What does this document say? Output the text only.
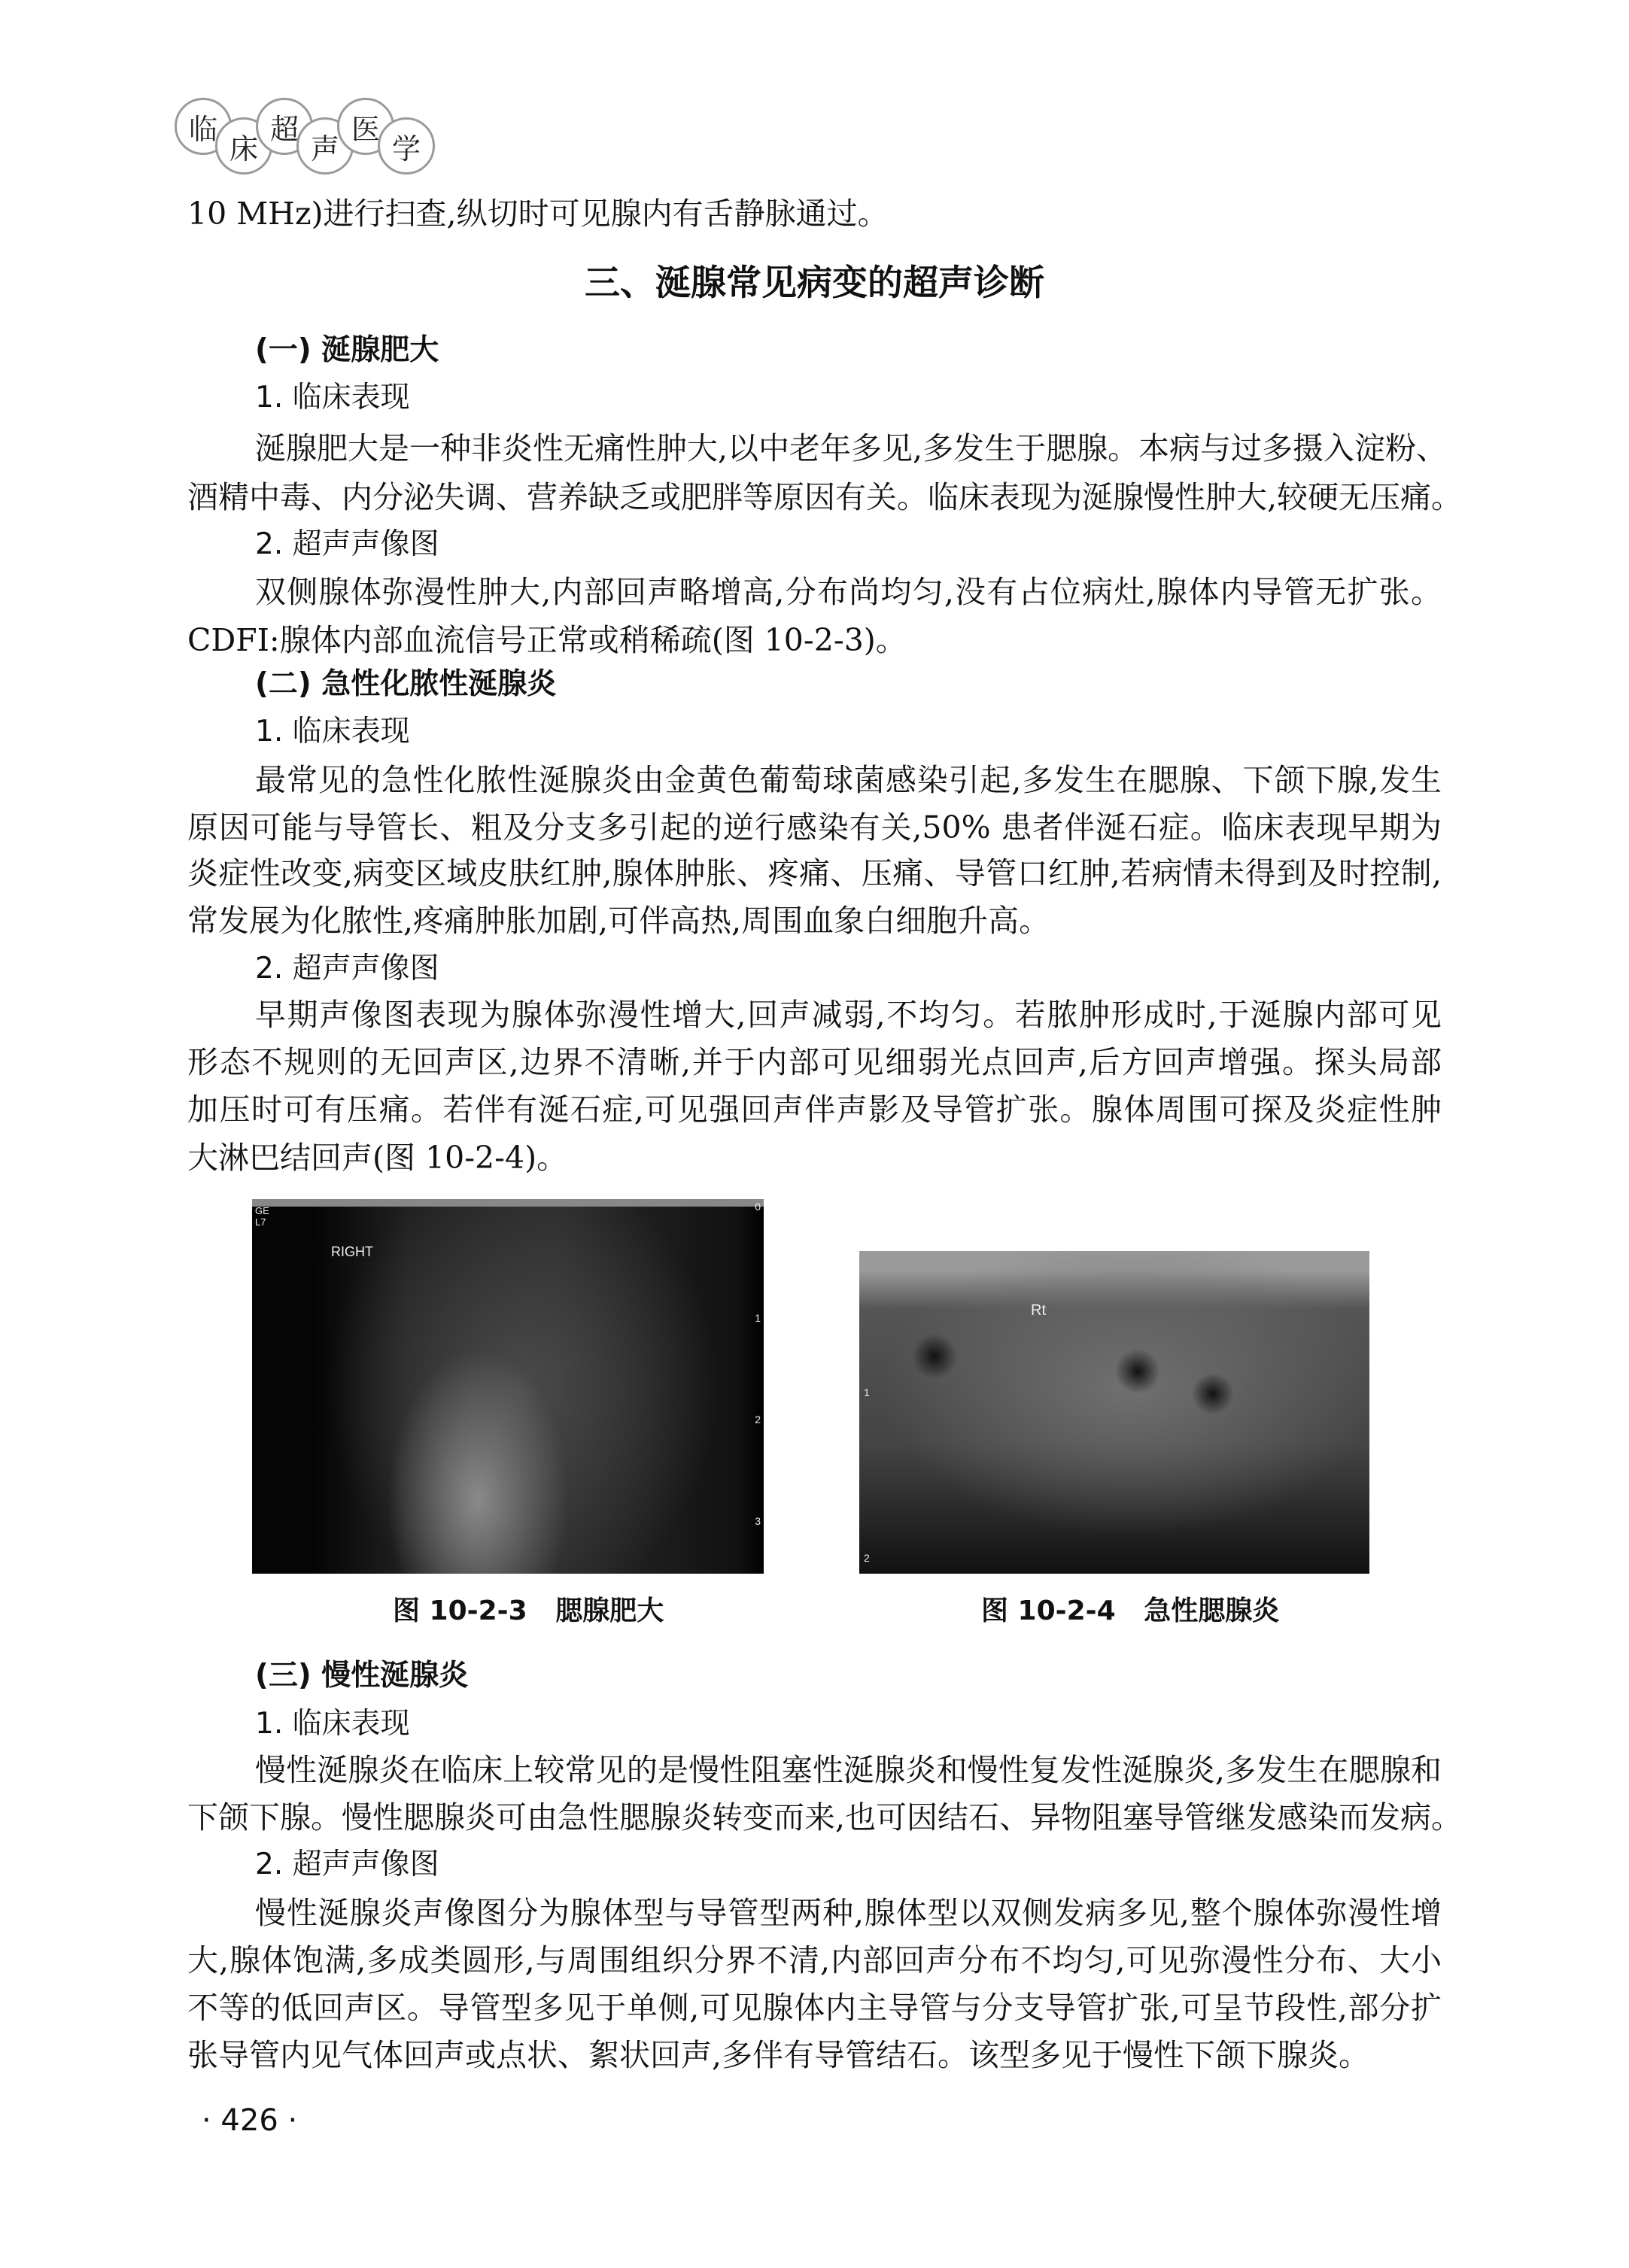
临
床
超
声
医
学
10 MHz)进行扫查,纵切时可见腺内有舌静脉通过。
三、涎腺常见病变的超声诊断
(一) 涎腺肥大
1. 临床表现
涎腺肥大是一种非炎性无痛性肿大,以中老年多见,多发生于腮腺。本病与过多摄入淀粉、
酒精中毒、内分泌失调、营养缺乏或肥胖等原因有关。临床表现为涎腺慢性肿大,较硬无压痛。
2. 超声声像图
双侧腺体弥漫性肿大,内部回声略增高,分布尚均匀,没有占位病灶,腺体内导管无扩张。
CDFI:腺体内部血流信号正常或稍稀疏(图 10-2-3)。
(二) 急性化脓性涎腺炎
1. 临床表现
最常见的急性化脓性涎腺炎由金黄色葡萄球菌感染引起,多发生在腮腺、下颌下腺,发生
原因可能与导管长、粗及分支多引起的逆行感染有关,50% 患者伴涎石症。临床表现早期为
炎症性改变,病变区域皮肤红肿,腺体肿胀、疼痛、压痛、导管口红肿,若病情未得到及时控制,
常发展为化脓性,疼痛肿胀加剧,可伴高热,周围血象白细胞升高。
2. 超声声像图
早期声像图表现为腺体弥漫性增大,回声减弱,不均匀。若脓肿形成时,于涎腺内部可见
形态不规则的无回声区,边界不清晰,并于内部可见细弱光点回声,后方回声增强。探头局部
加压时可有压痛。若伴有涎石症,可见强回声伴声影及导管扩张。腺体周围可探及炎症性肿
大淋巴结回声(图 10-2-4)。
(三) 慢性涎腺炎
1. 临床表现
慢性涎腺炎在临床上较常见的是慢性阻塞性涎腺炎和慢性复发性涎腺炎,多发生在腮腺和
下颌下腺。慢性腮腺炎可由急性腮腺炎转变而来,也可因结石、异物阻塞导管继发感染而发病。
2. 超声声像图
慢性涎腺炎声像图分为腺体型与导管型两种,腺体型以双侧发病多见,整个腺体弥漫性增
大,腺体饱满,多成类圆形,与周围组织分界不清,内部回声分布不均匀,可见弥漫性分布、大小
不等的低回声区。导管型多见于单侧,可见腺体内主导管与分支导管扩张,可呈节段性,部分扩
张导管内见气体回声或点状、絮状回声,多伴有导管结石。该型多见于慢性下颌下腺炎。
RIGHT
GE L7
0
1
2
3
Rt
1
2
图 10-2-3   腮腺肥大	图 10-2-4   急性腮腺炎
· 426 ·
